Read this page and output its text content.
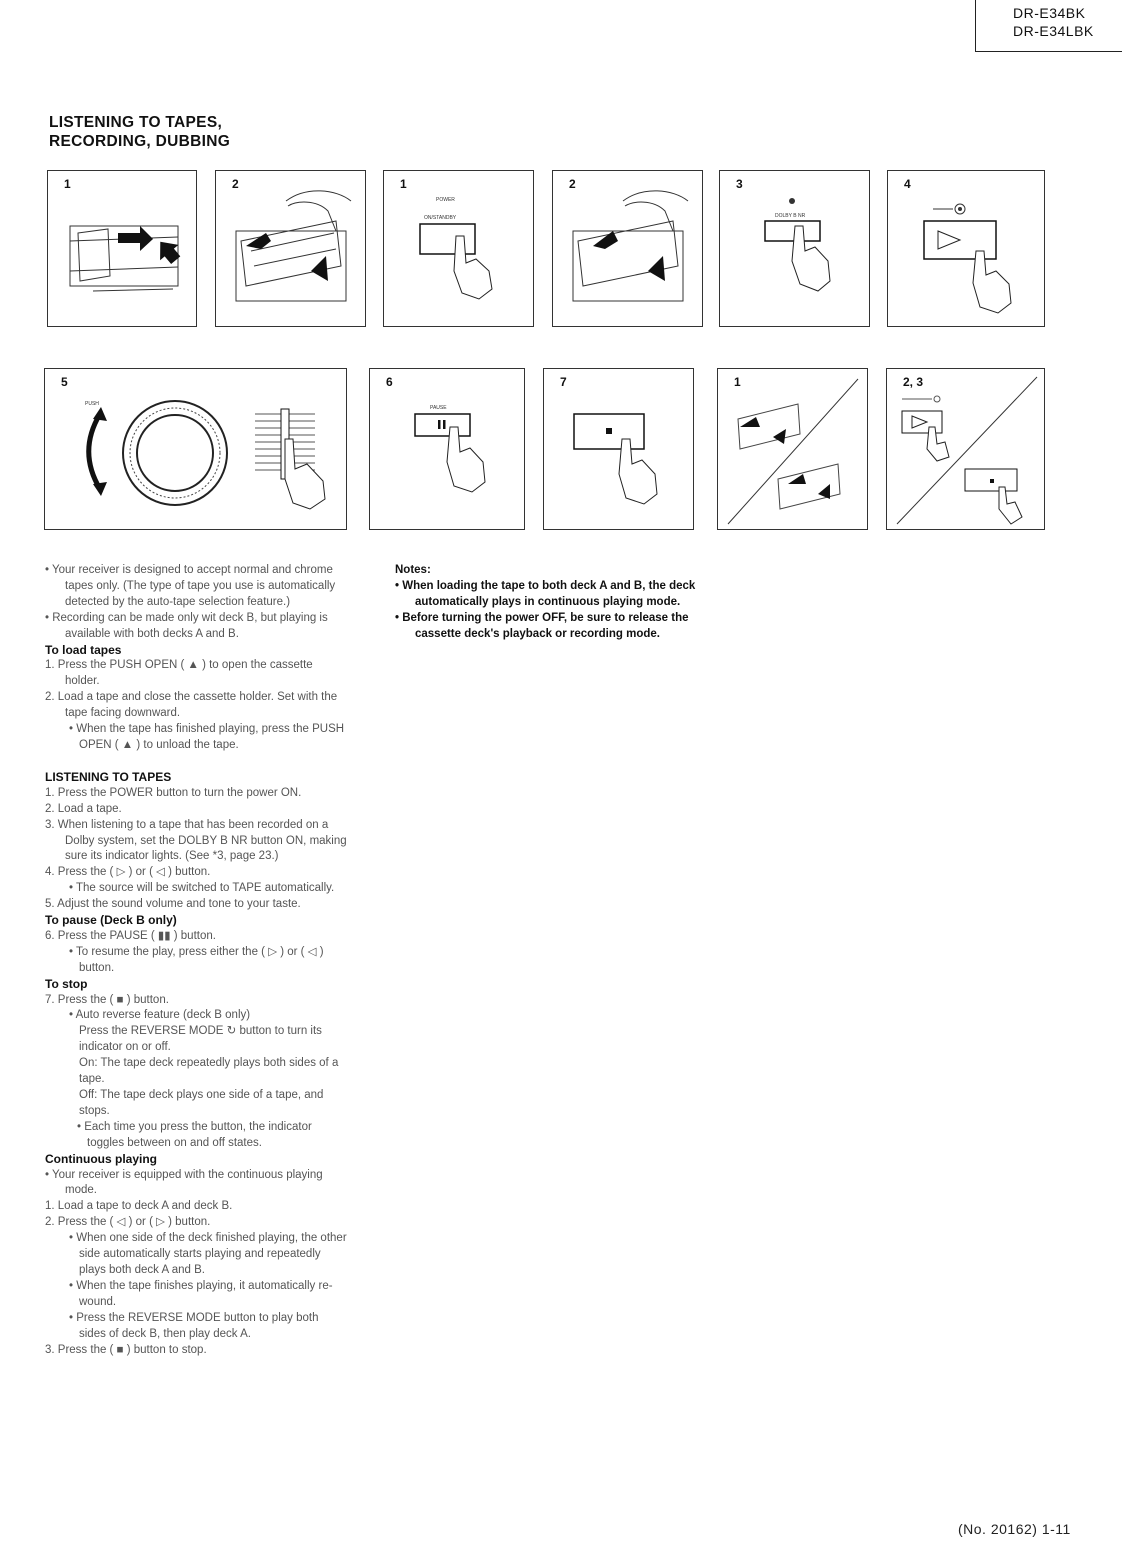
DR-E34BK
DR-E34LBK
LISTENING TO TAPES,
RECORDING, DUBBING
1	2	1
POWER
ON/STANDBY
2	3
DOLBY B NR
4
5
PUSH
6
PAUSE
7	1	2, 3
• Your receiver is designed to accept normal and chrome tapes only. (The type of tape you use is automatically detected by the auto-tape selection feature.)
• Recording can be made only wit deck B, but playing is available with both decks A and B.
To load tapes
1. Press the PUSH OPEN ( ▲ ) to open the cassette holder.
2. Load a tape and close the cassette holder. Set with the tape facing downward.
• When the tape has finished playing, press the PUSH OPEN ( ▲ ) to unload the tape.
LISTENING TO TAPES
1. Press the POWER button to turn the power ON.
2. Load a tape.
3. When listening to a tape that has been recorded on a Dolby system, set the DOLBY B NR button ON, making sure its indicator lights. (See *3, page 23.)
4. Press the ( ▷ ) or ( ◁ ) button.
• The source will be switched to TAPE automatically.
5. Adjust the sound volume and tone to your taste.
To pause (Deck B only)
6. Press the PAUSE ( ▮▮ ) button.
• To resume the play, press either the ( ▷ ) or ( ◁ ) button.
To stop
7. Press the ( ■ ) button.
• Auto reverse feature (deck B only)
Press the REVERSE MODE ↻ button to turn its indicator on or off.
On: The tape deck repeatedly plays both sides of a tape.
Off: The tape deck plays one side of a tape, and stops.
• Each time you press the button, the indicator toggles between on and off states.
Continuous playing
• Your receiver is equipped with the continuous playing mode.
1. Load a tape to deck A and deck B.
2. Press the ( ◁ ) or ( ▷ ) button.
• When one side of the deck finished playing, the other side automatically starts playing and repeatedly plays both deck A and B.
• When the tape finishes playing, it automatically re-wound.
• Press the REVERSE MODE button to play both sides of deck B, then play deck A.
3. Press the ( ■ ) button to stop.
Notes:
• When loading the tape to both deck A and B, the deck automatically plays in continuous playing mode.
• Before turning the power OFF, be sure to release the cassette deck's playback or recording mode.
(No. 20162) 1-11
